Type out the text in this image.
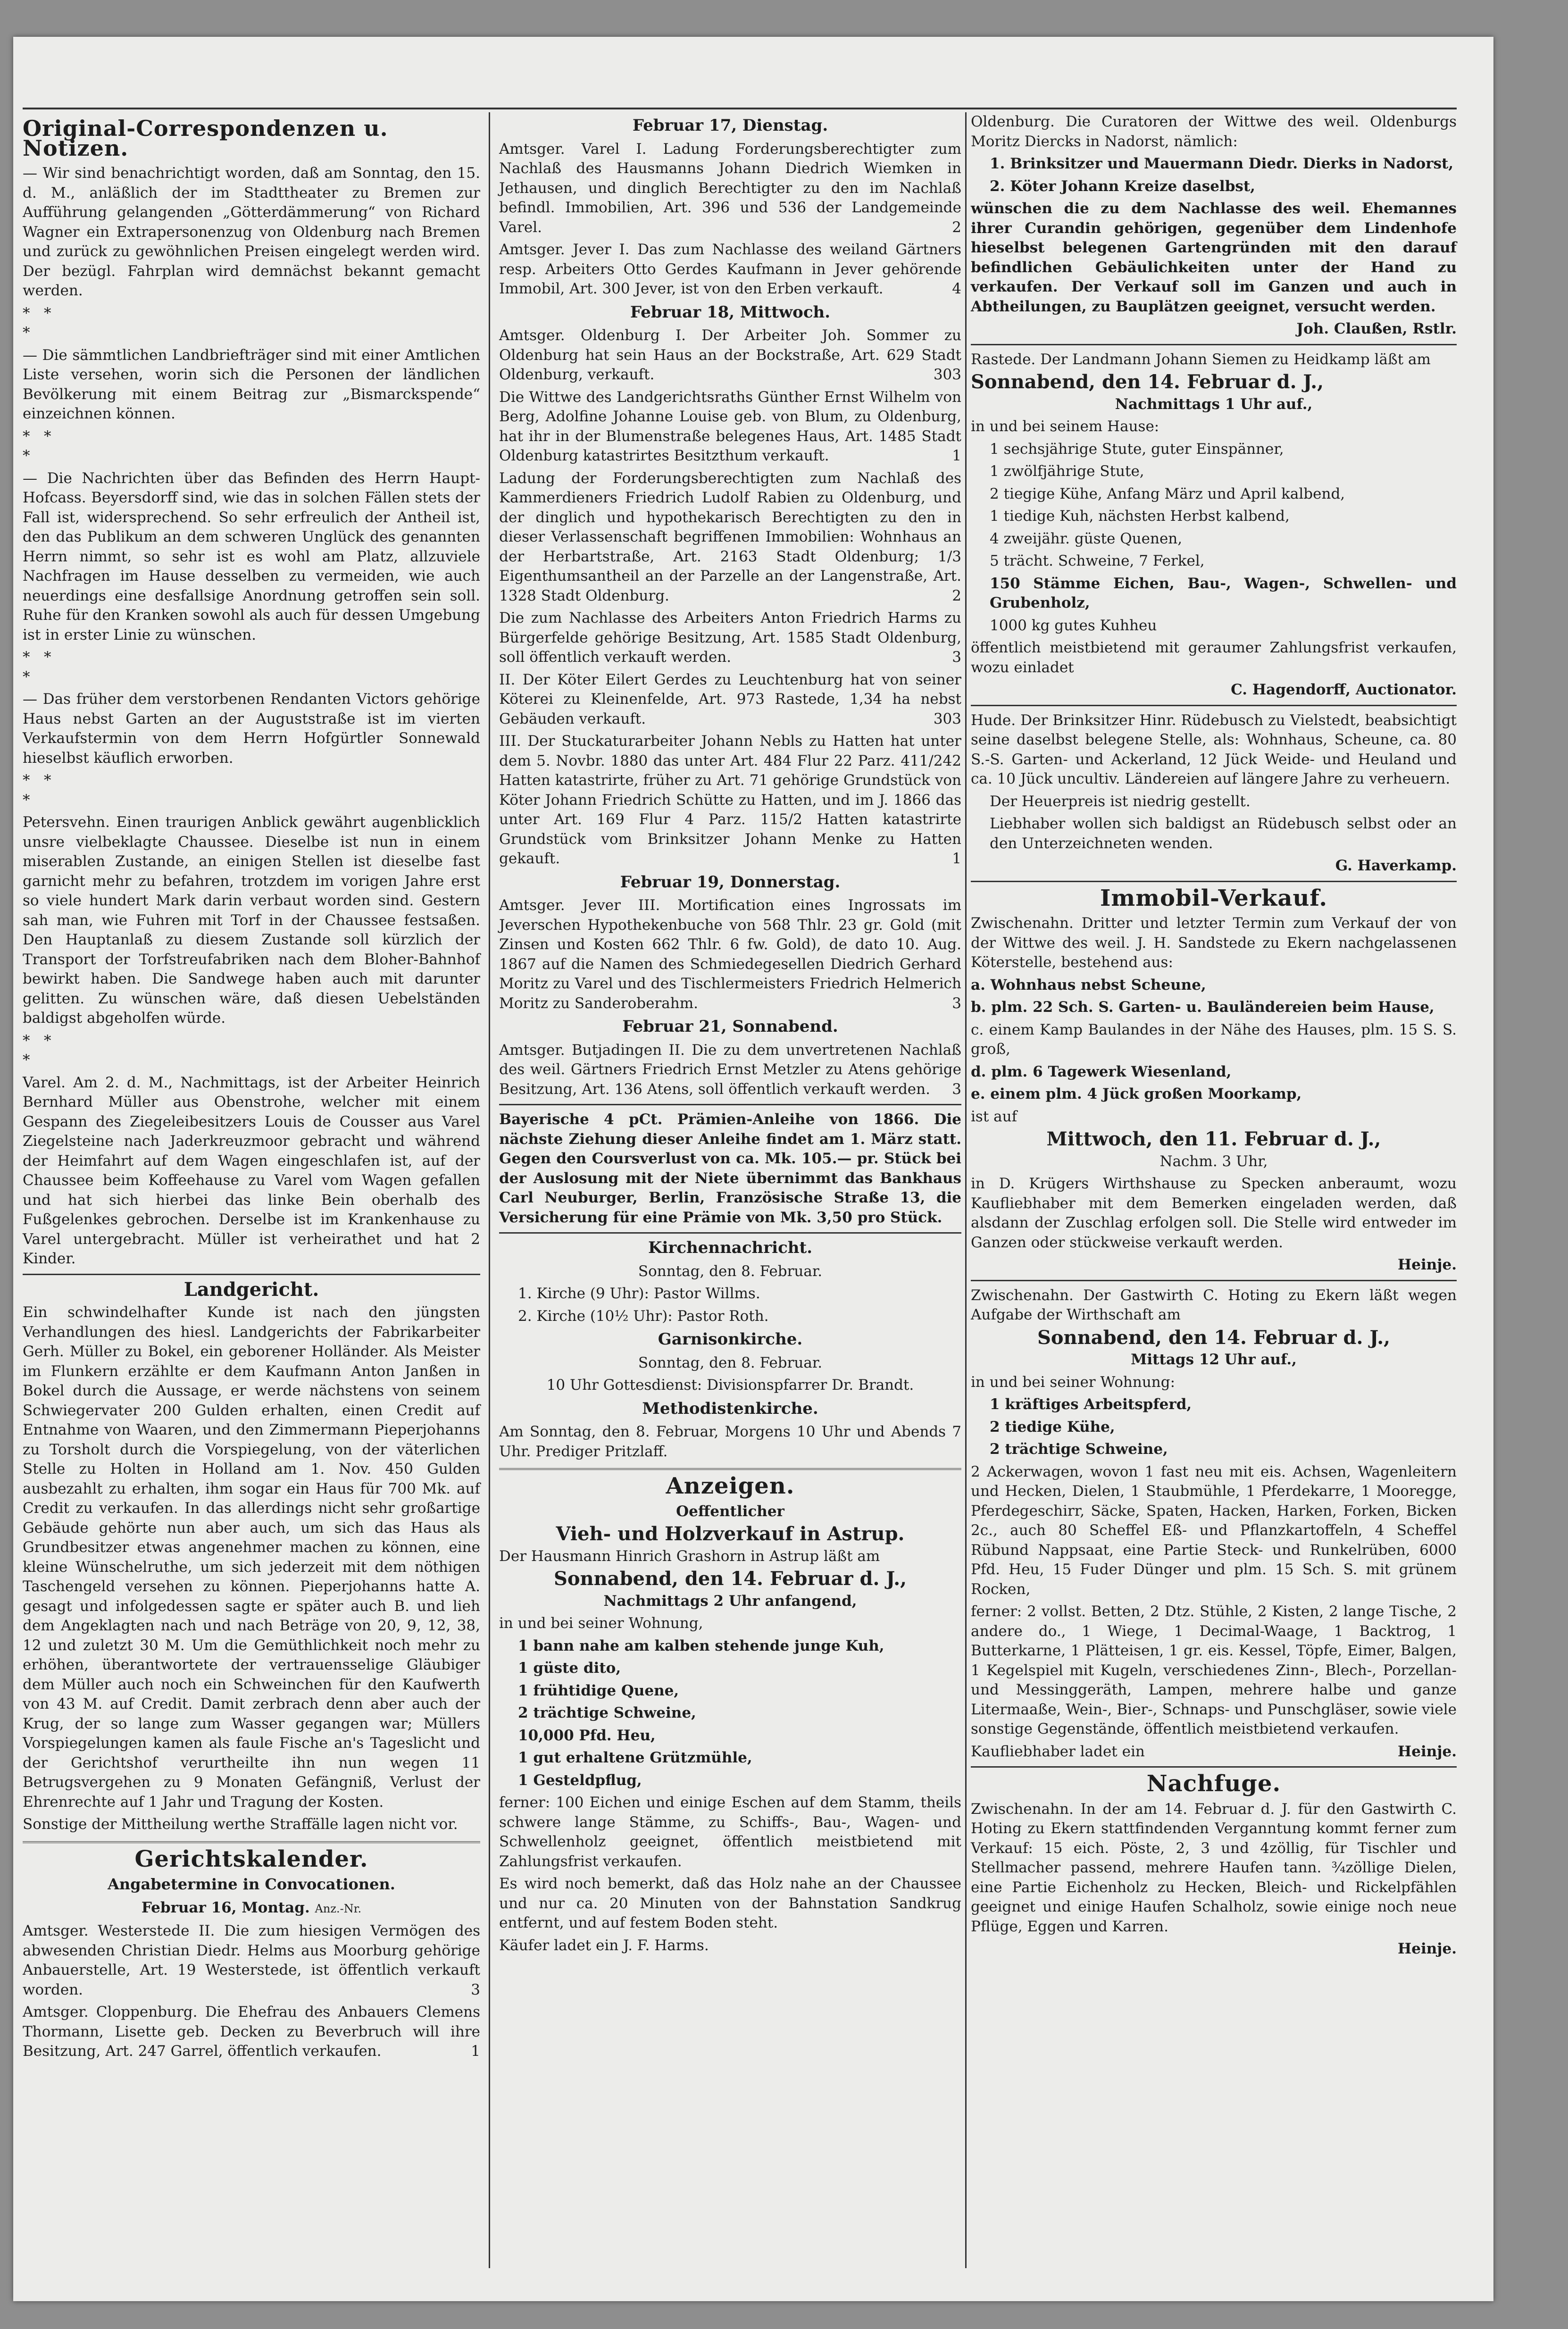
Original-Correspondenzen u. Notizen.

— Wir sind benachrichtigt worden, daß am Sonntag, den 15. d. M., anläßlich der im Stadttheater zu Bremen zur Aufführung gelangenden „Götterdämmerung“ von Richard Wagner ein Extrapersonenzug von Oldenburg nach Bremen und zurück zu gewöhnlichen Preisen eingelegt werden wird. Der bezügl. Fahrplan wird demnächst bekannt gemacht werden.

*   *
*

— Die sämmtlichen Landbriefträger sind mit einer Amtlichen Liste versehen, worin sich die Personen der ländlichen Bevölkerung mit einem Beitrag zur „Bismarckspende“ einzeichnen können.

*   *
*

— Die Nachrichten über das Befinden des Herrn Haupt-Hofcass. Beyersdorff sind, wie das in solchen Fällen stets der Fall ist, widersprechend. So sehr erfreulich der Antheil ist, den das Publikum an dem schweren Unglück des genannten Herrn nimmt, so sehr ist es wohl am Platz, allzuviele Nachfragen im Hause desselben zu vermeiden, wie auch neuerdings eine desfallsige Anordnung getroffen sein soll. Ruhe für den Kranken sowohl als auch für dessen Umgebung ist in erster Linie zu wünschen.

*   *
*

— Das früher dem verstorbenen Rendanten Victors gehörige Haus nebst Garten an der Auguststraße ist im vierten Verkaufstermin von dem Herrn Hofgürtler Sonnewald hieselbst käuflich erworben.

*   *
*

Petersvehn. Einen traurigen Anblick gewährt augenblicklich unsre vielbeklagte Chaussee. Dieselbe ist nun in einem miserablen Zustande, an einigen Stellen ist dieselbe fast garnicht mehr zu befahren, trotzdem im vorigen Jahre erst so viele hundert Mark darin verbaut worden sind. Gestern sah man, wie Fuhren mit Torf in der Chaussee festsaßen. Den Hauptanlaß zu diesem Zustande soll kürzlich der Transport der Torfstreufabriken nach dem Bloher-Bahnhof bewirkt haben. Die Sandwege haben auch mit darunter gelitten. Zu wünschen wäre, daß diesen Uebelständen baldigst abgeholfen würde.

*   *
*

Varel. Am 2. d. M., Nachmittags, ist der Arbeiter Heinrich Bernhard Müller aus Obenstrohe, welcher mit einem Gespann des Ziegeleibesitzers Louis de Cousser aus Varel Ziegelsteine nach Jaderkreuzmoor gebracht und während der Heimfahrt auf dem Wagen eingeschlafen ist, auf der Chaussee beim Koffeehause zu Varel vom Wagen gefallen und hat sich hierbei das linke Bein oberhalb des Fußgelenkes gebrochen. Derselbe ist im Krankenhause zu Varel untergebracht. Müller ist verheirathet und hat 2 Kinder.

Landgericht.

Ein schwindelhafter Kunde ist nach den jüngsten Verhandlungen des hiesl. Landgerichts der Fabrikarbeiter Gerh. Müller zu Bokel, ein geborener Holländer. Als Meister im Flunkern erzählte er dem Kaufmann Anton Janßen in Bokel durch die Aussage, er werde nächstens von seinem Schwiegervater 200 Gulden erhalten, einen Credit auf Entnahme von Waaren, und den Zimmermann Pieperjohanns zu Torsholt durch die Vorspiegelung, von der väterlichen Stelle zu Holten in Holland am 1. Nov. 450 Gulden ausbezahlt zu erhalten, ihm sogar ein Haus für 700 Mk. auf Credit zu verkaufen. In das allerdings nicht sehr großartige Gebäude gehörte nun aber auch, um sich das Haus als Grundbesitzer etwas angenehmer machen zu können, eine kleine Wünschelruthe, um sich jederzeit mit dem nöthigen Taschengeld versehen zu können. Pieperjohanns hatte A. gesagt und infolgedessen sagte er später auch B. und lieh dem Angeklagten nach und nach Beträge von 20, 9, 12, 38, 12 und zuletzt 30 M. Um die Gemüthlichkeit noch mehr zu erhöhen, überantwortete der vertrauensselige Gläubiger dem Müller auch noch ein Schweinchen für den Kaufwerth von 43 M. auf Credit. Damit zerbrach denn aber auch der Krug, der so lange zum Wasser gegangen war; Müllers Vorspiegelungen kamen als faule Fische an's Tageslicht und der Gerichtshof verurtheilte ihn nun wegen 11 Betrugsvergehen zu 9 Monaten Gefängniß, Verlust der Ehrenrechte auf 1 Jahr und Tragung der Kosten.

Sonstige der Mittheilung werthe Straffälle lagen nicht vor.

Gerichtskalender.

Angabetermine in Convocationen.

Februar 16, Montag. Anz.-Nr.

Amtsger. Westerstede II. Die zum hiesigen Vermögen des abwesenden Christian Diedr. Helms aus Moorburg gehörige Anbauerstelle, Art. 19 Westerstede, ist öffentlich verkauft worden.	3

Amtsger. Cloppenburg. Die Ehefrau des Anbauers Clemens Thormann, Lisette geb. Decken zu Beverbruch will ihre Besitzung, Art. 247 Garrel, öffentlich verkaufen.	1

Februar 17, Dienstag.

Amtsger. Varel I. Ladung Forderungsberechtigter zum Nachlaß des Hausmanns Johann Diedrich Wiemken in Jethausen, und dinglich Berechtigter zu den im Nachlaß befindl. Immobilien, Art. 396 und 536 der Landgemeinde Varel.	2

Amtsger. Jever I. Das zum Nachlasse des weiland Gärtners resp. Arbeiters Otto Gerdes Kaufmann in Jever gehörende Immobil, Art. 300 Jever, ist von den Erben verkauft.	4

Februar 18, Mittwoch.

Amtsger. Oldenburg I. Der Arbeiter Joh. Sommer zu Oldenburg hat sein Haus an der Bockstraße, Art. 629 Stadt Oldenburg, verkauft.	303

Die Wittwe des Landgerichtsraths Günther Ernst Wilhelm von Berg, Adolfine Johanne Louise geb. von Blum, zu Oldenburg, hat ihr in der Blumenstraße belegenes Haus, Art. 1485 Stadt Oldenburg katastrirtes Besitzthum verkauft.	1

Ladung der Forderungsberechtigten zum Nachlaß des Kammerdieners Friedrich Ludolf Rabien zu Oldenburg, und der dinglich und hypothekarisch Berechtigten zu den in dieser Verlassenschaft begriffenen Immobilien: Wohnhaus an der Herbartstraße, Art. 2163 Stadt Oldenburg; 1/3 Eigenthumsantheil an der Parzelle an der Langenstraße, Art. 1328 Stadt Oldenburg.	2

Die zum Nachlasse des Arbeiters Anton Friedrich Harms zu Bürgerfelde gehörige Besitzung, Art. 1585 Stadt Oldenburg, soll öffentlich verkauft werden.	3

II. Der Köter Eilert Gerdes zu Leuchtenburg hat von seiner Köterei zu Kleinenfelde, Art. 973 Rastede, 1,34 ha nebst Gebäuden verkauft.	303

III. Der Stuckaturarbeiter Johann Nebls zu Hatten hat unter dem 5. Novbr. 1880 das unter Art. 484 Flur 22 Parz. 411/242 Hatten katastrirte, früher zu Art. 71 gehörige Grundstück von Köter Johann Friedrich Schütte zu Hatten, und im J. 1866 das unter Art. 169 Flur 4 Parz. 115/2 Hatten katastrirte Grundstück vom Brinksitzer Johann Menke zu Hatten gekauft.	1

Februar 19, Donnerstag.

Amtsger. Jever III. Mortification eines Ingrossats im Jeverschen Hypothekenbuche von 568 Thlr. 23 gr. Gold (mit Zinsen und Kosten 662 Thlr. 6 fw. Gold), de dato 10. Aug. 1867 auf die Namen des Schmiedegesellen Diedrich Gerhard Moritz zu Varel und des Tischlermeisters Friedrich Helmerich Moritz zu Sanderoberahm.	3

Februar 21, Sonnabend.

Amtsger. Butjadingen II. Die zu dem unvertretenen Nachlaß des weil. Gärtners Friedrich Ernst Metzler zu Atens gehörige Besitzung, Art. 136 Atens, soll öffentlich verkauft werden. 3

Bayerische 4 pCt. Prämien-Anleihe von 1866. Die nächste Ziehung dieser Anleihe findet am 1. März statt. Gegen den Coursverlust von ca. Mk. 105.— pr. Stück bei der Auslosung mit der Niete übernimmt das Bankhaus Carl Neuburger, Berlin, Französische Straße 13, die Versicherung für eine Prämie von Mk. 3,50 pro Stück.

Kirchennachricht.

Sonntag, den 8. Februar.

1. Kirche (9 Uhr): Pastor Willms.

2. Kirche (10½ Uhr): Pastor Roth.

Garnisonkirche.

Sonntag, den 8. Februar.

10 Uhr Gottesdienst: Divisionspfarrer Dr. Brandt.

Methodistenkirche.

Am Sonntag, den 8. Februar, Morgens 10 Uhr und Abends 7 Uhr. Prediger Pritzlaff.

Anzeigen.

Oeffentlicher

Vieh- und Holzverkauf in Astrup.

Der Hausmann Hinrich Grashorn in Astrup läßt am

Sonnabend, den 14. Februar d. J.,

Nachmittags 2 Uhr anfangend,

in und bei seiner Wohnung,

1 bann nahe am kalben stehende junge Kuh,

1 güste dito,

1 frühtidige Quene,

2 trächtige Schweine,

10,000 Pfd. Heu,

1 gut erhaltene Grützmühle,

1 Gesteldpflug,

ferner: 100 Eichen und einige Eschen auf dem Stamm, theils schwere lange Stämme, zu Schiffs-, Bau-, Wagen- und Schwellenholz geeignet, öffentlich meistbietend mit Zahlungsfrist verkaufen.

Es wird noch bemerkt, daß das Holz nahe an der Chaussee und nur ca. 20 Minuten von der Bahnstation Sandkrug entfernt, und auf festem Boden steht.

Käufer ladet ein J. F. Harms.

Oldenburg. Die Curatoren der Wittwe des weil. Oldenburgs Moritz Diercks in Nadorst, nämlich:

1. Brinksitzer und Mauermann Diedr. Dierks in Nadorst,

2. Köter Johann Kreize daselbst,

wünschen die zu dem Nachlasse des weil. Ehemannes ihrer Curandin gehörigen, gegenüber dem Lindenhofe hieselbst belegenen Gartengründen mit den darauf befindlichen Gebäulichkeiten unter der Hand zu verkaufen. Der Verkauf soll im Ganzen und auch in Abtheilungen, zu Bauplätzen geeignet, versucht werden.

Joh. Claußen, Rstlr.

Rastede. Der Landmann Johann Siemen zu Heidkamp läßt am

Sonnabend, den 14. Februar d. J.,

Nachmittags 1 Uhr auf.,

in und bei seinem Hause:

1 sechsjährige Stute, guter Einspänner,

1 zwölfjährige Stute,

2 tiegige Kühe, Anfang März und April kalbend,

1 tiedige Kuh, nächsten Herbst kalbend,

4 zweijähr. güste Quenen,

5 trächt. Schweine, 7 Ferkel,

150 Stämme Eichen, Bau-, Wagen-, Schwellen- und Grubenholz,

1000 kg gutes Kuhheu

öffentlich meistbietend mit geraumer Zahlungsfrist verkaufen, wozu einladet

C. Hagendorff, Auctionator.

Hude. Der Brinksitzer Hinr. Rüdebusch zu Vielstedt, beabsichtigt seine daselbst belegene Stelle, als: Wohnhaus, Scheune, ca. 80 S.-S. Garten- und Ackerland, 12 Jück Weide- und Heuland und ca. 10 Jück uncultiv. Ländereien auf längere Jahre zu verheuern.

Der Heuerpreis ist niedrig gestellt.

Liebhaber wollen sich baldigst an Rüdebusch selbst oder an den Unterzeichneten wenden.

G. Haverkamp.

Immobil-Verkauf.

Zwischenahn. Dritter und letzter Termin zum Verkauf der von der Wittwe des weil. J. H. Sandstede zu Ekern nachgelassenen Köterstelle, bestehend aus:

a. Wohnhaus nebst Scheune,

b. plm. 22 Sch. S. Garten- u. Bauländereien beim Hause,

c. einem Kamp Baulandes in der Nähe des Hauses, plm. 15 S. S. groß,

d. plm. 6 Tagewerk Wiesenland,

e. einem plm. 4 Jück großen Moorkamp,

ist auf

Mittwoch, den 11. Februar d. J.,

Nachm. 3 Uhr,

in D. Krügers Wirthshause zu Specken anberaumt, wozu Kaufliebhaber mit dem Bemerken eingeladen werden, daß alsdann der Zuschlag erfolgen soll. Die Stelle wird entweder im Ganzen oder stückweise verkauft werden.

Heinje.

Zwischenahn. Der Gastwirth C. Hoting zu Ekern läßt wegen Aufgabe der Wirthschaft am

Sonnabend, den 14. Februar d. J.,

Mittags 12 Uhr auf.,

in und bei seiner Wohnung:

1 kräftiges Arbeitspferd,

2 tiedige Kühe,

2 trächtige Schweine,

2 Ackerwagen, wovon 1 fast neu mit eis. Achsen, Wagenleitern und Hecken, Dielen, 1 Staubmühle, 1 Pferdekarre, 1 Mooregge, Pferdegeschirr, Säcke, Spaten, Hacken, Harken, Forken, Bicken 2c., auch 80 Scheffel Eß- und Pflanzkartoffeln, 4 Scheffel Rübund Nappsaat, eine Partie Steck- und Runkelrüben, 6000 Pfd. Heu, 15 Fuder Dünger und plm. 15 Sch. S. mit grünem Rocken,

ferner: 2 vollst. Betten, 2 Dtz. Stühle, 2 Kisten, 2 lange Tische, 2 andere do., 1 Wiege, 1 Decimal-Waage, 1 Backtrog, 1 Butterkarne, 1 Plätteisen, 1 gr. eis. Kessel, Töpfe, Eimer, Balgen, 1 Kegelspiel mit Kugeln, verschiedenes Zinn-, Blech-, Porzellan- und Messinggeräth, Lampen, mehrere halbe und ganze Litermaaße, Wein-, Bier-, Schnaps- und Punschgläser, sowie viele sonstige Gegenstände, öffentlich meistbietend verkaufen.

Kaufliebhaber ladet ein	Heinje.

Nachfuge.

Zwischenahn. In der am 14. Februar d. J. für den Gastwirth C. Hoting zu Ekern stattfindenden Verganntung kommt ferner zum Verkauf: 15 eich. Pöste, 2, 3 und 4zöllig, für Tischler und Stellmacher passend, mehrere Haufen tann. ¾zöllige Dielen, eine Partie Eichenholz zu Hecken, Bleich- und Rickelpfählen geeignet und einige Haufen Schalholz, sowie einige noch neue Pflüge, Eggen und Karren.

Heinje.
